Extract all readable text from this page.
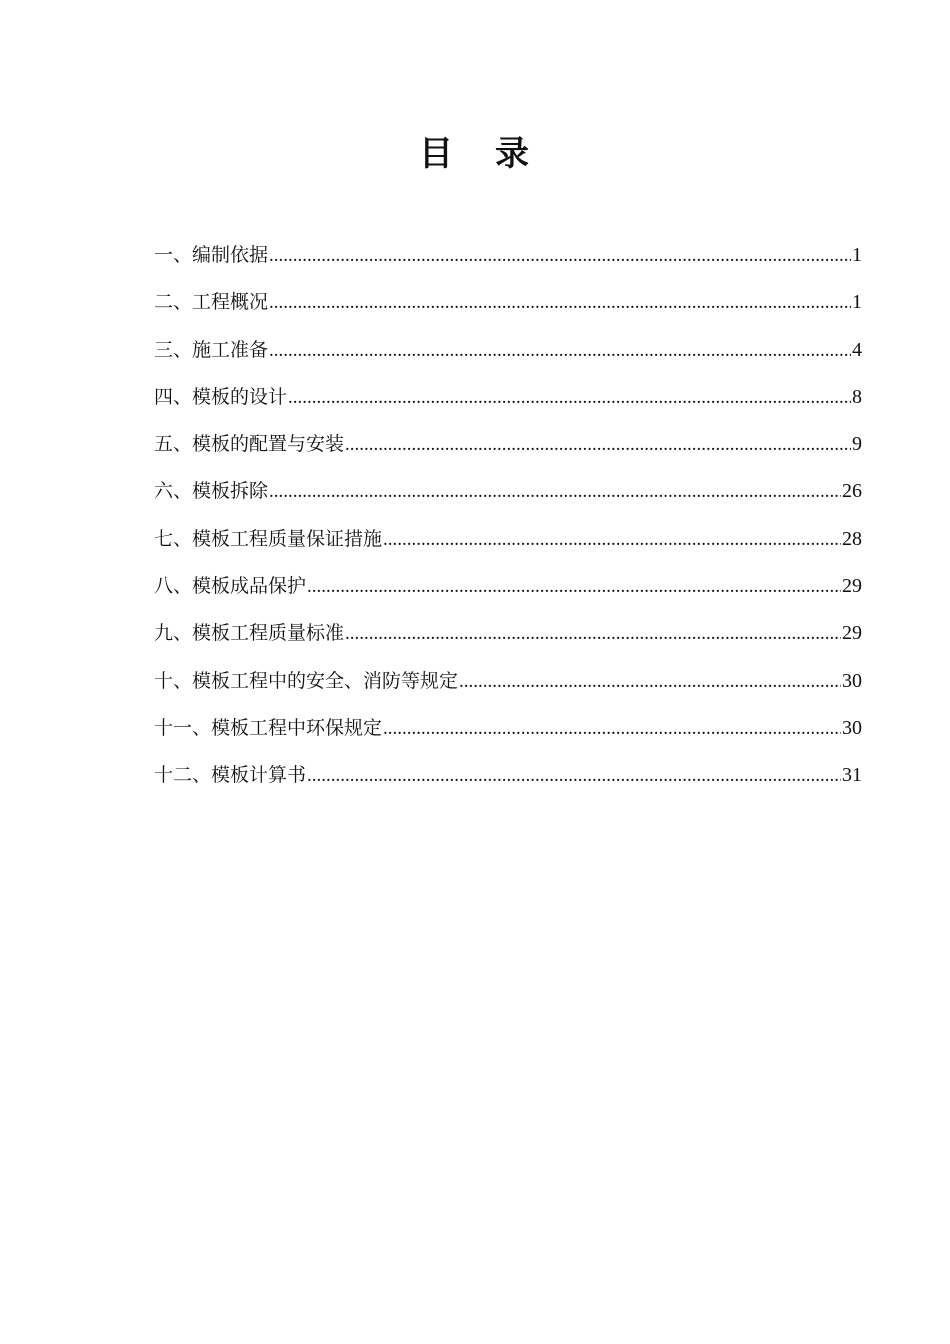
目 录
一、编制依据 .....	1
二、工程概况 .....	1
三、施工准备 .....	4
四、模板的设计 .....	8
五、模板的配置与安装 .....	9
六、模板拆除 .....	26
七、模板工程质量保证措施 .....	28
八、模板成品保护 .....	29
九、模板工程质量标准 .....	29
十、模板工程中的安全、消防等规定 .....	30
十一、模板工程中环保规定 .....	30
十二、模板计算书 .....	31
